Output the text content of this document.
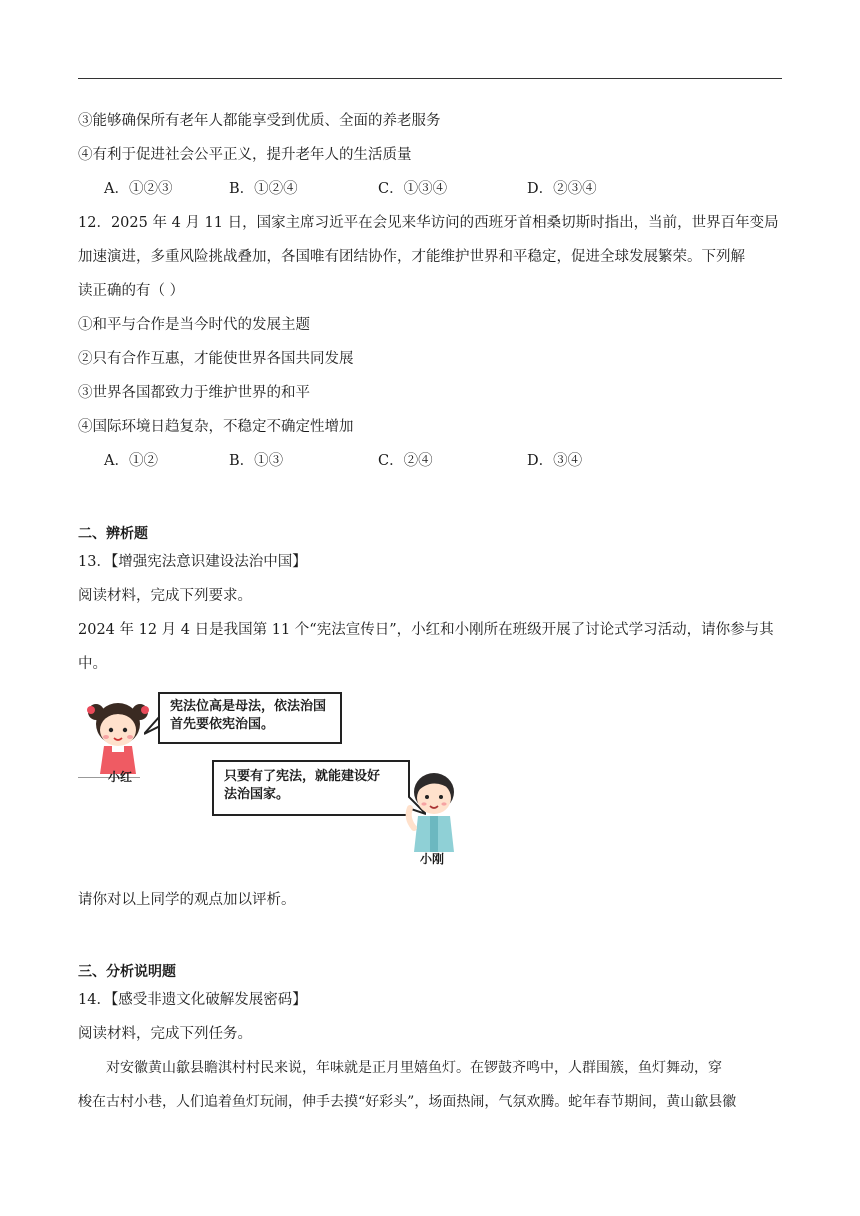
③能够确保所有老年人都能享受到优质、全面的养老服务
④有利于促进社会公平正义，提升老年人的生活质量
A．①②③	B．①②④	C．①③④	D．②③④
12．2025 年 4 月 11 日，国家主席习近平在会见来华访问的西班牙首相桑切斯时指出，当前，世界百年变局
加速演进，多重风险挑战叠加，各国唯有团结协作，才能维护世界和平稳定，促进全球发展繁荣。下列解
读正确的有（ ）
①和平与合作是当今时代的发展主题
②只有合作互惠，才能使世界各国共同发展
③世界各国都致力于维护世界的和平
④国际环境日趋复杂，不稳定不确定性增加
A．①②	B．①③	C．②④	D．③④
二、辨析题
13．【增强宪法意识建设法治中国】
阅读材料，完成下列要求。
2024 年 12 月 4 日是我国第 11 个“宪法宣传日”，小红和小刚所在班级开展了讨论式学习活动，请你参与其
中。
小红
宪法位高是母法，依法治国
首先要依宪治国。
只要有了宪法，就能建设好
法治国家。
小刚
请你对以上同学的观点加以评析。
三、分析说明题
14．【感受非遗文化破解发展密码】
阅读材料，完成下列任务。
对安徽黄山歙县瞻淇村村民来说，年味就是正月里嬉鱼灯。在锣鼓齐鸣中，人群围簇，鱼灯舞动，穿
梭在古村小巷，人们追着鱼灯玩闹，伸手去摸“好彩头”，场面热闹，气氛欢腾。蛇年春节期间，黄山歙县徽
